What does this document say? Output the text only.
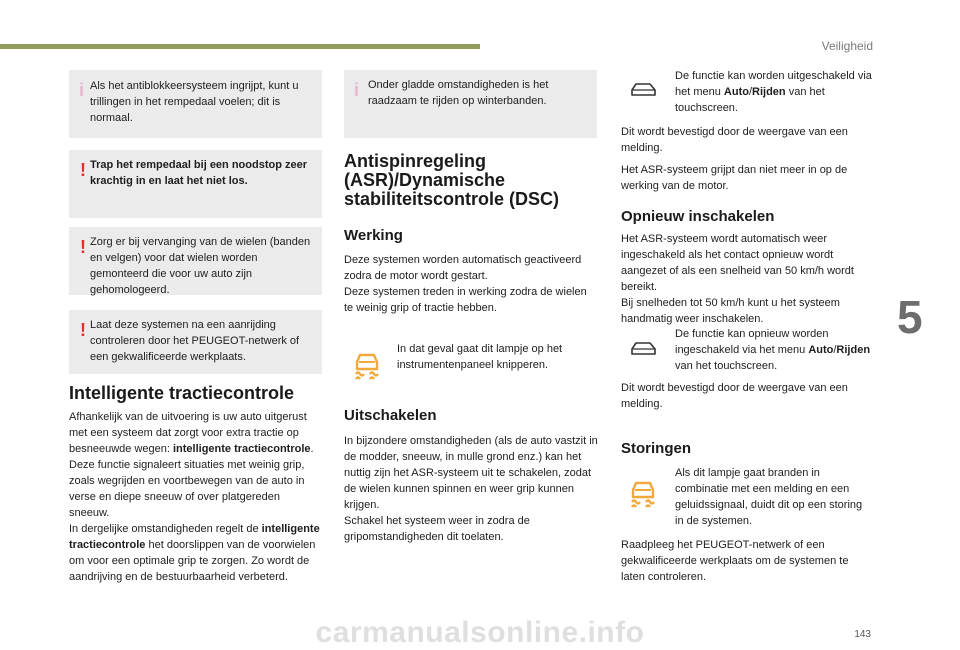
Veiligheid
5
143
carmanualsonline.info
i Als het antiblokkeersysteem ingrijpt, kunt u trillingen in het rempedaal voelen; dit is normaal.
! Trap het rempedaal bij een noodstop zeer krachtig in en laat het niet los.
! Zorg er bij vervanging van de wielen (banden en velgen) voor dat wielen worden gemonteerd die voor uw auto zijn gehomologeerd.
! Laat deze systemen na een aanrijding controleren door het PEUGEOT-netwerk of een gekwalificeerde werkplaats.
Intelligente tractiecontrole
Afhankelijk van de uitvoering is uw auto uitgerust met een systeem dat zorgt voor extra tractie op besneeuwde wegen: intelligente tractiecontrole.
Deze functie signaleert situaties met weinig grip, zoals wegrijden en voortbewegen van de auto in verse en diepe sneeuw of over platgereden sneeuw.
In dergelijke omstandigheden regelt de intelligente tractiecontrole het doorslippen van de voorwielen om voor een optimale grip te zorgen. Zo wordt de aandrijving en de bestuurbaarheid verbeterd.
i Onder gladde omstandigheden is het raadzaam te rijden op winterbanden.
Antispinregeling (ASR)/Dynamische stabiliteitscontrole (DSC)
Werking
Deze systemen worden automatisch geactiveerd zodra de motor wordt gestart.
Deze systemen treden in werking zodra de wielen te weinig grip of tractie hebben.
In dat geval gaat dit lampje op het instrumentenpaneel knipperen.
Uitschakelen
In bijzondere omstandigheden (als de auto vastzit in de modder, sneeuw, in mulle grond enz.) kan het nuttig zijn het ASR-systeem uit te schakelen, zodat de wielen kunnen spinnen en weer grip kunnen krijgen.
Schakel het systeem weer in zodra de gripomstandigheden dit toelaten.
De functie kan worden uitgeschakeld via het menu Auto/Rijden van het touchscreen.
Dit wordt bevestigd door de weergave van een melding.
Het ASR-systeem grijpt dan niet meer in op de werking van de motor.
Opnieuw inschakelen
Het ASR-systeem wordt automatisch weer ingeschakeld als het contact opnieuw wordt aangezet of als een snelheid van 50 km/h wordt bereikt.
Bij snelheden tot 50 km/h kunt u het systeem handmatig weer inschakelen.
De functie kan opnieuw worden ingeschakeld via het menu Auto/Rijden van het touchscreen.
Dit wordt bevestigd door de weergave van een melding.
Storingen
Als dit lampje gaat branden in combinatie met een melding en een geluidssignaal, duidt dit op een storing in de systemen.
Raadpleeg het PEUGEOT-netwerk of een gekwalificeerde werkplaats om de systemen te laten controleren.
